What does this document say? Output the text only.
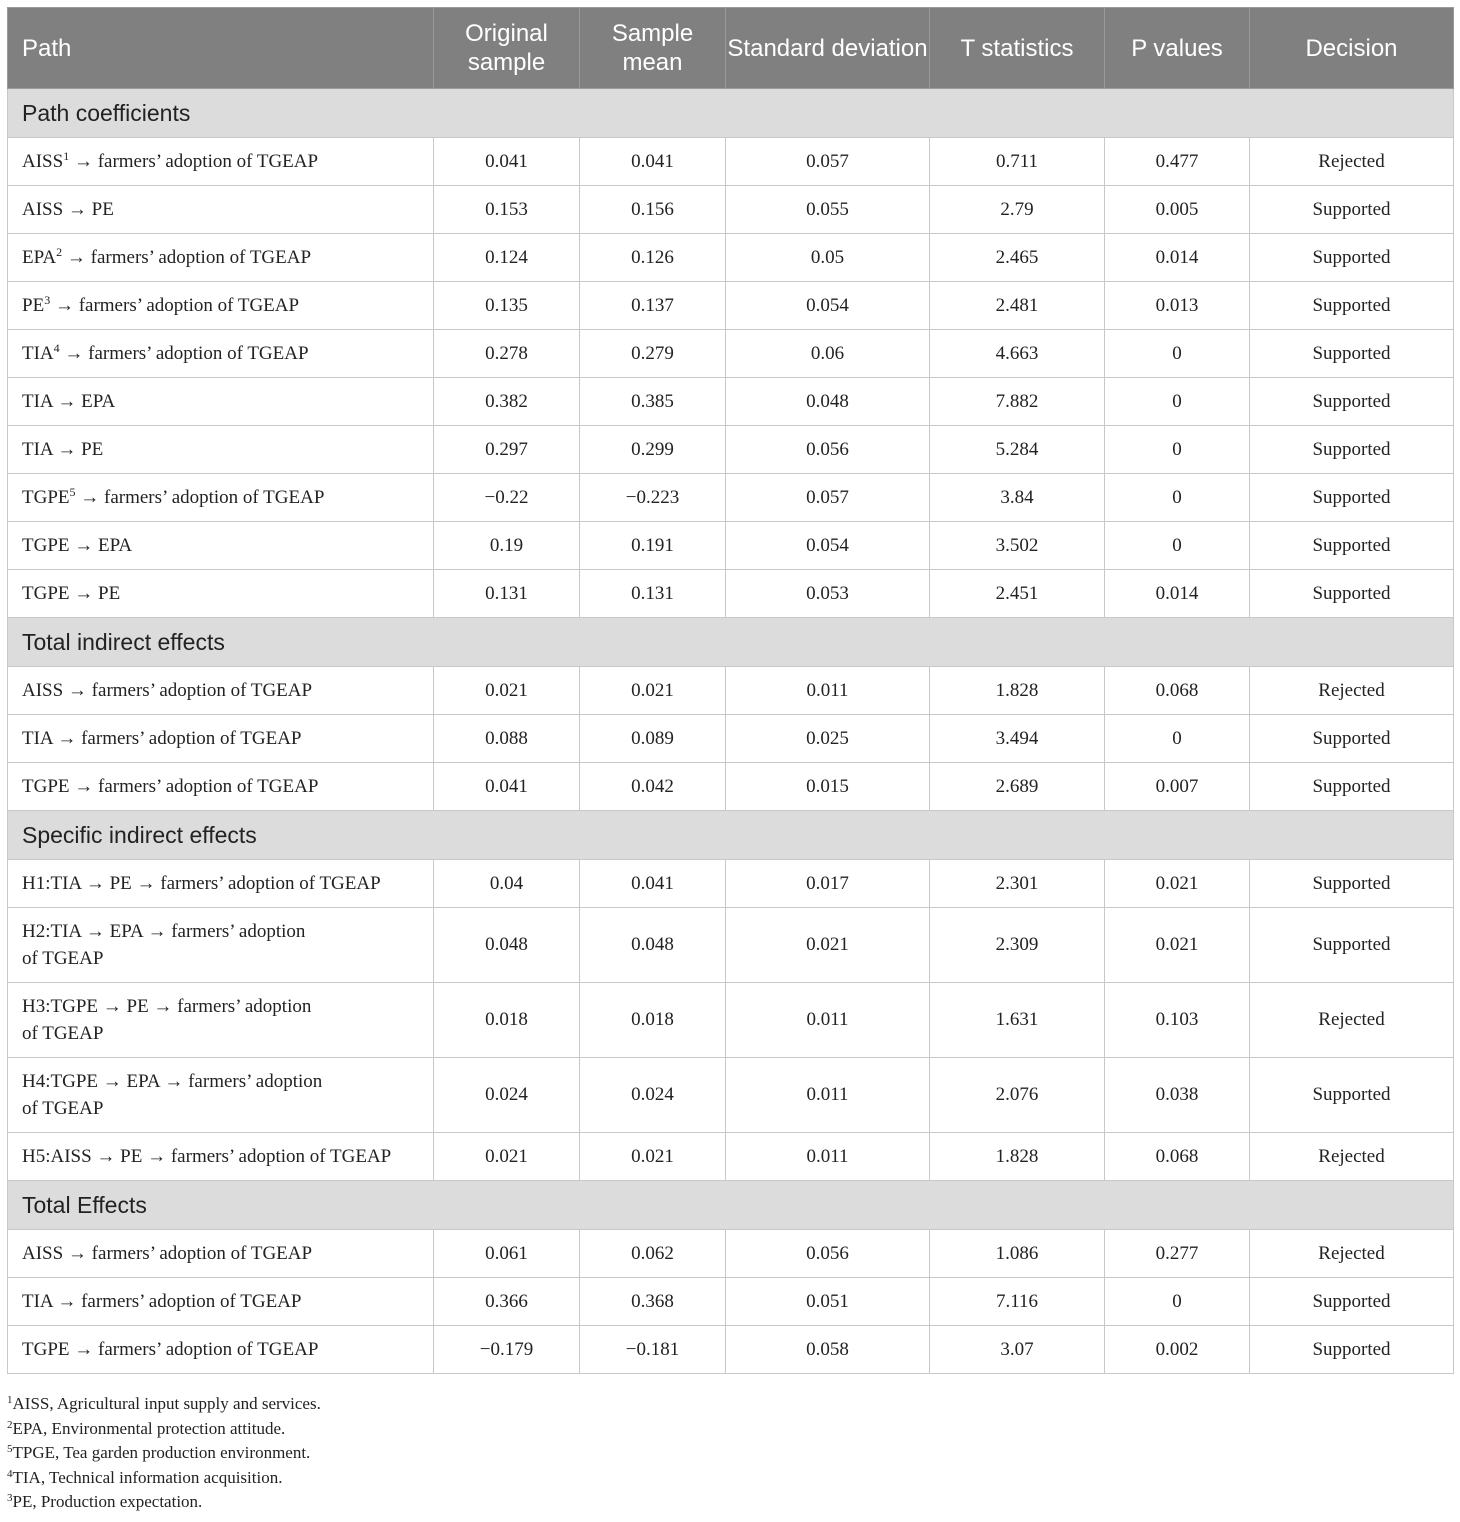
Path	Original sample	Sample mean	Standard deviation	T statistics	P values	Decision
Path coefficients						

$AISS^1$ → farmers’ adoption of TGEAP	0.041	0.041	0.057	0.711	0.477	Rejected

AISS → PE	0.153	0.156	0.055	2.79	0.005	Supported

$EPA^2$ → farmers’ adoption of TGEAP	0.124	0.126	0.05	2.465	0.014	Supported

$PE^3$ → farmers’ adoption of TGEAP	0.135	0.137	0.054	2.481	0.013	Supported

$TIA^4$ → farmers’ adoption of TGEAP	0.278	0.279	0.06	4.663	0	Supported

TIA → EPA	0.382	0.385	0.048	7.882	0	Supported

TIA → PE	0.297	0.299	0.056	5.284	0	Supported

$TGPE^5$ → farmers’ adoption of TGEAP	−0.22	−0.223	0.057	3.84	0	Supported

TGPE → EPA	0.19	0.191	0.054	3.502	0	Supported

TGPE → PE	0.131	0.131	0.053	2.451	0.014	Supported
Total indirect effects						

AISS → farmers’ adoption of TGEAP	0.021	0.021	0.011	1.828	0.068	Rejected

TIA → farmers’ adoption of TGEAP	0.088	0.089	0.025	3.494	0	Supported

TGPE → farmers’ adoption of TGEAP	0.041	0.042	0.015	2.689	0.007	Supported
Specific indirect effects						

H1:TIA → PE → farmers’ adoption of TGEAP	0.04	0.041	0.017	2.301	0.021	Supported

H2:TIA → EPA → farmers’ adoption
of TGEAP	0.048	0.048	0.021	2.309	0.021	Supported

H3:TGPE → PE → farmers’ adoption
of TGEAP	0.018	0.018	0.011	1.631	0.103	Rejected

H4:TGPE → EPA → farmers’ adoption
of TGEAP	0.024	0.024	0.011	2.076	0.038	Supported

H5:AISS → PE → farmers’ adoption of TGEAP	0.021	0.021	0.011	1.828	0.068	Rejected
Total Effects						

AISS → farmers’ adoption of TGEAP	0.061	0.062	0.056	1.086	0.277	Rejected

TIA → farmers’ adoption of TGEAP	0.366	0.368	0.051	7.116	0	Supported

TGPE → farmers’ adoption of TGEAP	−0.179	−0.181	0.058	3.07	0.002	Supported
$^1$AISS, Agricultural input supply and services.
$^2$EPA, Environmental protection attitude.
$^5$TPGE, Tea garden production environment.
$^4$TIA, Technical information acquisition.
$^3$PE, Production expectation.
